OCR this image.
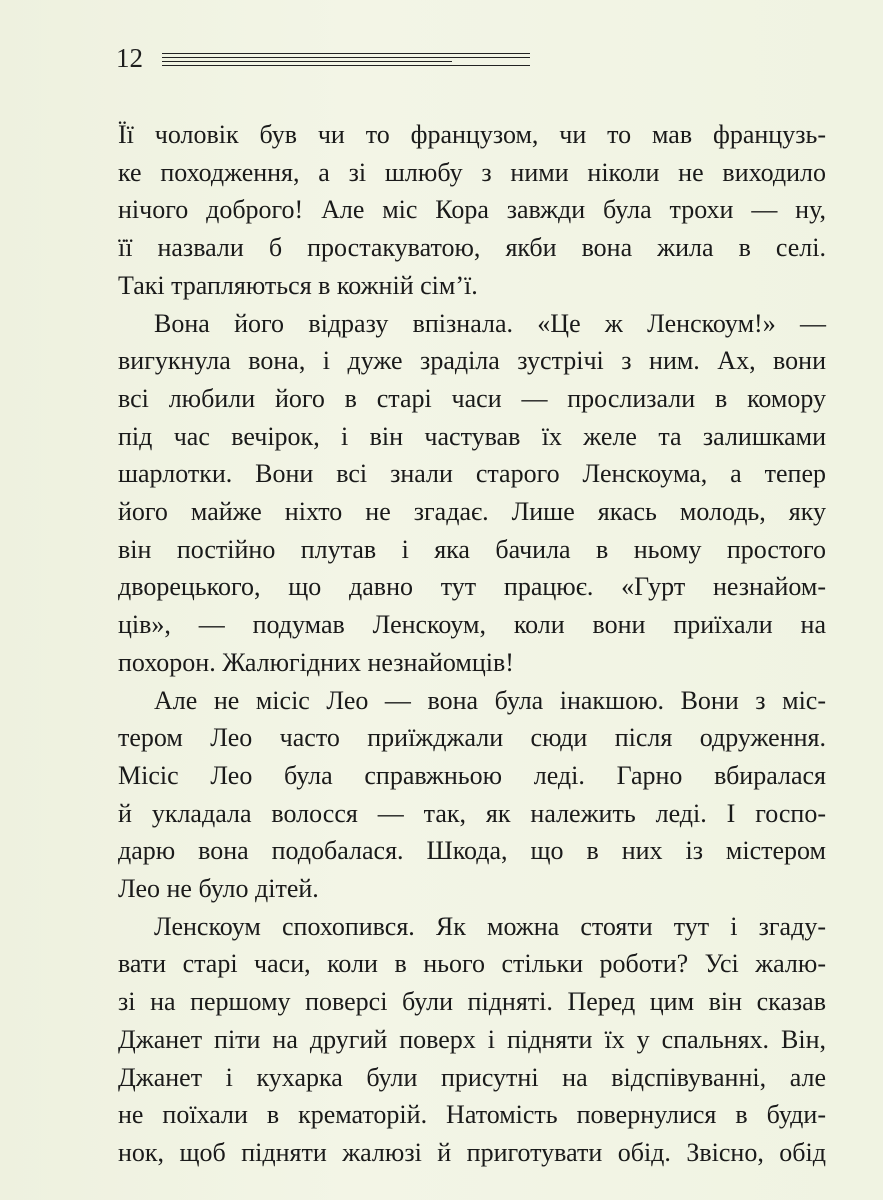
12
Її чоловік був чи то французом, чи то мав французь-
ке походження, а зі шлюбу з ними ніколи не виходило
нічого доброго! Але міс Кора завжди була трохи — ну,
її назвали б простакуватою, якби вона жила в селі.
Такі трапляються в кожній сім’ї.
Вона його відразу впізнала. «Це ж Ленскоум!» —
вигукнула вона, і дуже зраділа зустрічі з ним. Ах, вони
всі любили його в старі часи — прослизали в комору
під час вечірок, і він частував їх желе та залишками
шарлотки. Вони всі знали старого Ленскоума, а тепер
його майже ніхто не згадає. Лише якась молодь, яку
він постійно плутав і яка бачила в ньому простого
дворецького, що давно тут працює. «Гурт незнайом-
ців», — подумав Ленскоум, коли вони приїхали на
похорон. Жалюгідних незнайомців!
Але не місіс Лео — вона була інакшою. Вони з міс-
тером Лео часто приїжджали сюди після одруження.
Місіс Лео була справжньою леді. Гарно вбиралася
й укладала волосся — так, як належить леді. І госпо-
дарю вона подобалася. Шкода, що в них із містером
Лео не було дітей.
Ленскоум спохопився. Як можна стояти тут і згаду-
вати старі часи, коли в нього стільки роботи? Усі жалю-
зі на першому поверсі були підняті. Перед цим він сказав
Джанет піти на другий поверх і підняти їх у спальнях. Він,
Джанет і кухарка були присутні на відспівуванні, але
не поїхали в крематорій. Натомість повернулися в буди-
нок, щоб підняти жалюзі й приготувати обід. Звісно, обід
